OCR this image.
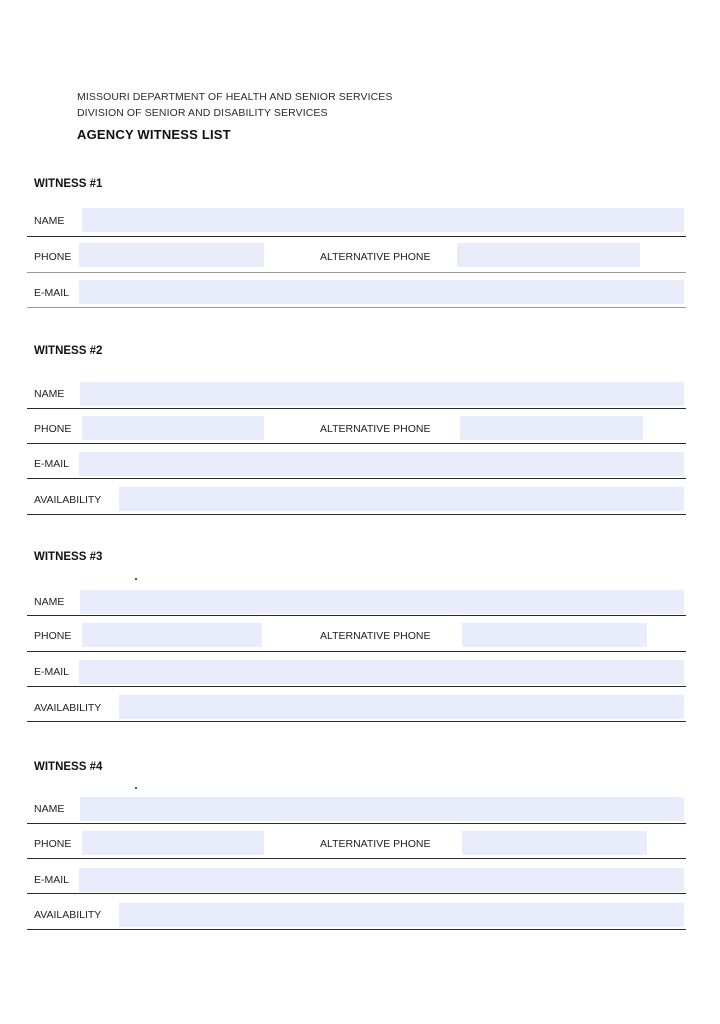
MISSOURI DEPARTMENT OF HEALTH AND SENIOR SERVICES
DIVISION OF SENIOR AND DISABILITY SERVICES
AGENCY WITNESS LIST
WITNESS #1
NAME
PHONE	ALTERNATIVE PHONE
E-MAIL
WITNESS #2
NAME
PHONE	ALTERNATIVE PHONE
E-MAIL
AVAILABILITY
WITNESS #3
NAME
PHONE	ALTERNATIVE PHONE
E-MAIL
AVAILABILITY
WITNESS #4
NAME
PHONE	ALTERNATIVE PHONE
E-MAIL
AVAILABILITY
